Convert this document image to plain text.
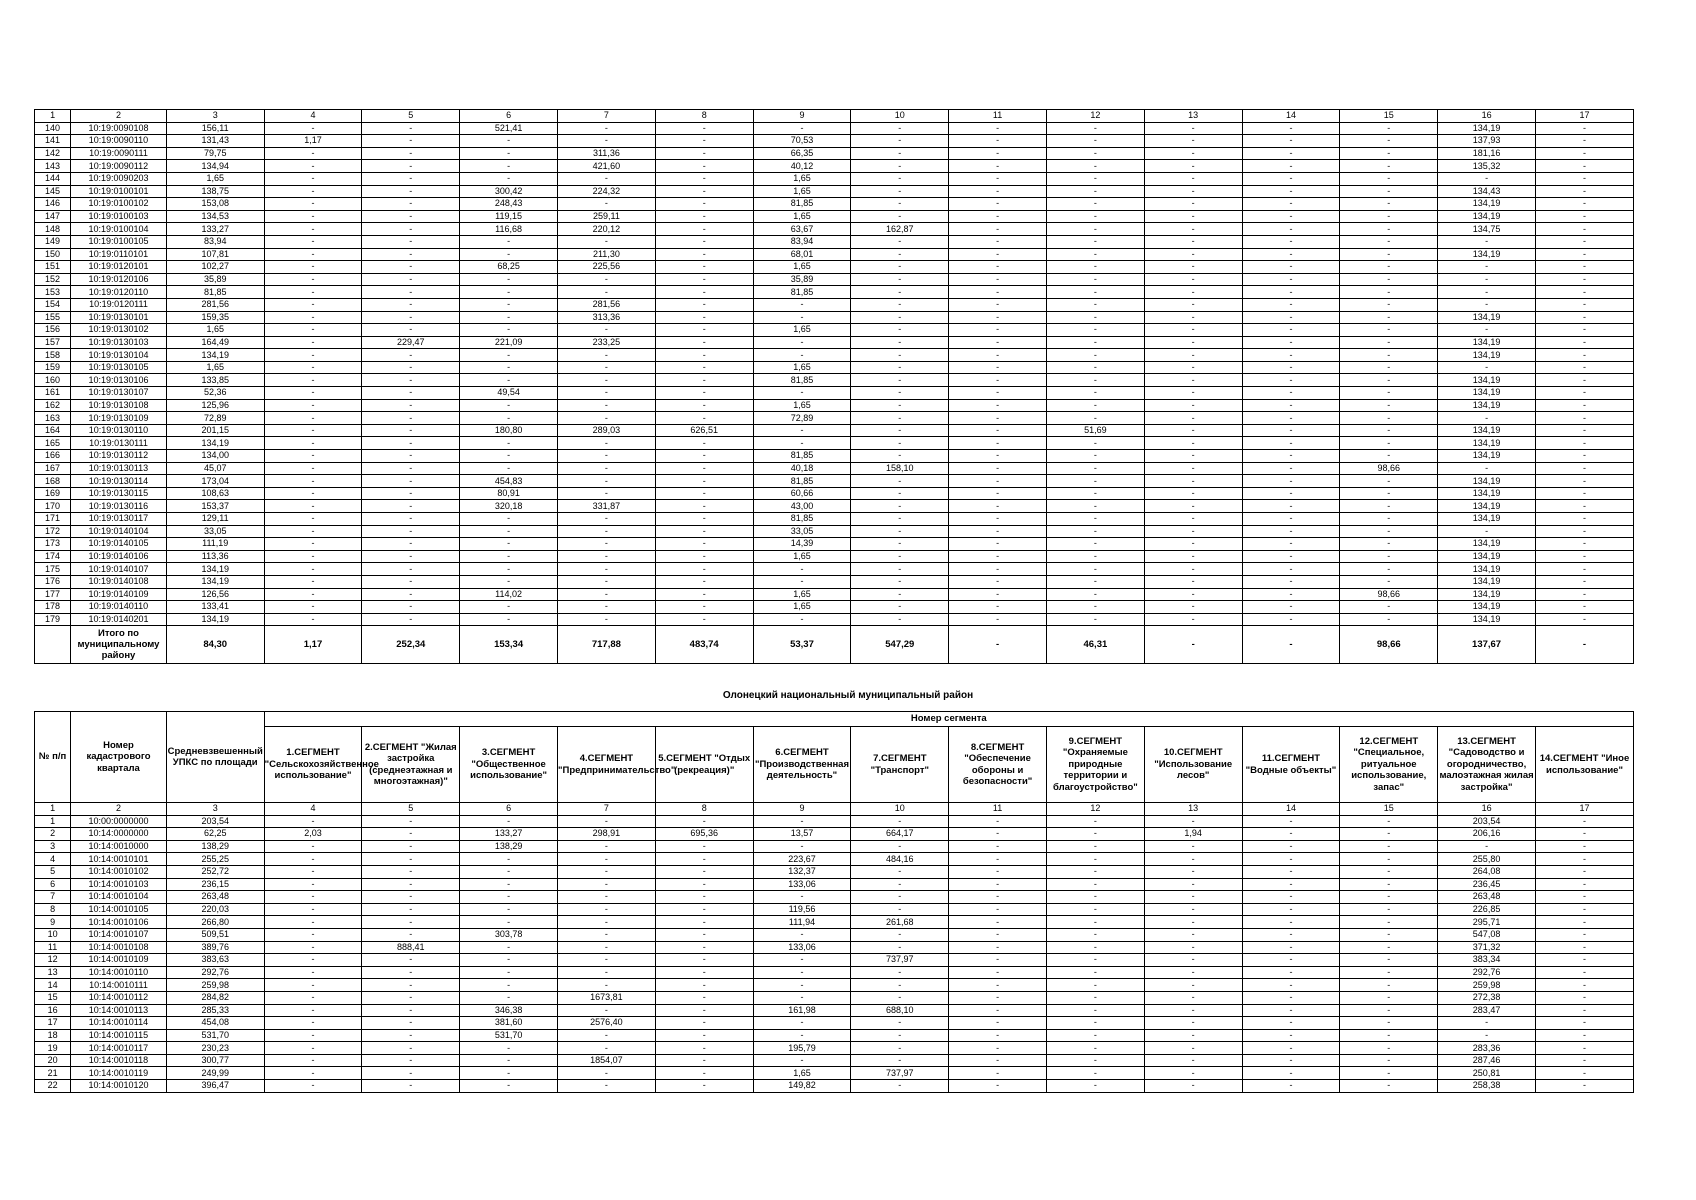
1	2	3	4	5	6	7	8	9	10	11	12	13	14	15	16	17
140	10:19:0090108	156,11	-	-	521,41	-	-	-	-	-	-	-	-	-	134,19	-
141	10:19:0090110	131,43	1,17	-	-	-	-	70,53	-	-	-	-	-	-	137,93	-
142	10:19:0090111	79,75	-	-	-	311,36	-	66,35	-	-	-	-	-	-	181,16	-
143	10:19:0090112	134,94	-	-	-	421,60	-	40,12	-	-	-	-	-	-	135,32	-
144	10:19:0090203	1,65	-	-	-	-	-	1,65	-	-	-	-	-	-	-	-
145	10:19:0100101	138,75	-	-	300,42	224,32	-	1,65	-	-	-	-	-	-	134,43	-
146	10:19:0100102	153,08	-	-	248,43	-	-	81,85	-	-	-	-	-	-	134,19	-
147	10:19:0100103	134,53	-	-	119,15	259,11	-	1,65	-	-	-	-	-	-	134,19	-
148	10:19:0100104	133,27	-	-	116,68	220,12	-	63,67	162,87	-	-	-	-	-	134,75	-
149	10:19:0100105	83,94	-	-	-	-	-	83,94	-	-	-	-	-	-	-	-
150	10:19:0110101	107,81	-	-	-	211,30	-	68,01	-	-	-	-	-	-	134,19	-
151	10:19:0120101	102,27	-	-	68,25	225,56	-	1,65	-	-	-	-	-	-	-	-
152	10:19:0120106	35,89	-	-	-	-	-	35,89	-	-	-	-	-	-	-	-
153	10:19:0120110	81,85	-	-	-	-	-	81,85	-	-	-	-	-	-	-	-
154	10:19:0120111	281,56	-	-	-	281,56	-	-	-	-	-	-	-	-	-	-
155	10:19:0130101	159,35	-	-	-	313,36	-	-	-	-	-	-	-	-	134,19	-
156	10:19:0130102	1,65	-	-	-	-	-	1,65	-	-	-	-	-	-	-	-
157	10:19:0130103	164,49	-	229,47	221,09	233,25	-	-	-	-	-	-	-	-	134,19	-
158	10:19:0130104	134,19	-	-	-	-	-	-	-	-	-	-	-	-	134,19	-
159	10:19:0130105	1,65	-	-	-	-	-	1,65	-	-	-	-	-	-	-	-
160	10:19:0130106	133,85	-	-	-	-	-	81,85	-	-	-	-	-	-	134,19	-
161	10:19:0130107	52,36	-	-	49,54	-	-	-	-	-	-	-	-	-	134,19	-
162	10:19:0130108	125,96	-	-	-	-	-	1,65	-	-	-	-	-	-	134,19	-
163	10:19:0130109	72,89	-	-	-	-	-	72,89	-	-	-	-	-	-	-	-
164	10:19:0130110	201,15	-	-	180,80	289,03	626,51	-	-	-	51,69	-	-	-	134,19	-
165	10:19:0130111	134,19	-	-	-	-	-	-	-	-	-	-	-	-	134,19	-
166	10:19:0130112	134,00	-	-	-	-	-	81,85	-	-	-	-	-	-	134,19	-
167	10:19:0130113	45,07	-	-	-	-	-	40,18	158,10	-	-	-	-	98,66	-	-
168	10:19:0130114	173,04	-	-	454,83	-	-	81,85	-	-	-	-	-	-	134,19	-
169	10:19:0130115	108,63	-	-	80,91	-	-	60,66	-	-	-	-	-	-	134,19	-
170	10:19:0130116	153,37	-	-	320,18	331,87	-	43,00	-	-	-	-	-	-	134,19	-
171	10:19:0130117	129,11	-	-	-	-	-	81,85	-	-	-	-	-	-	134,19	-
172	10:19:0140104	33,05	-	-	-	-	-	33,05	-	-	-	-	-	-	-	-
173	10:19:0140105	111,19	-	-	-	-	-	14,39	-	-	-	-	-	-	134,19	-
174	10:19:0140106	113,36	-	-	-	-	-	1,65	-	-	-	-	-	-	134,19	-
175	10:19:0140107	134,19	-	-	-	-	-	-	-	-	-	-	-	-	134,19	-
176	10:19:0140108	134,19	-	-	-	-	-	-	-	-	-	-	-	-	134,19	-
177	10:19:0140109	126,56	-	-	114,02	-	-	1,65	-	-	-	-	-	98,66	134,19	-
178	10:19:0140110	133,41	-	-	-	-	-	1,65	-	-	-	-	-	-	134,19	-
179	10:19:0140201	134,19	-	-	-	-	-	-	-	-	-	-	-	-	134,19	-
	Итого по муниципальному району	84,30	1,17	252,34	153,34	717,88	483,74	53,37	547,29	-	46,31	-	-	98,66	137,67	-
Олонецкий национальный муниципальный район
№ п/п	Номер кадастрового квартала	Средневзвешенный УПКС по площади	Номер сегмента													
			1.СЕГМЕНТ "Сельскохозяйственное использование"	2.СЕГМЕНТ "Жилая застройка (среднеэтажная и многоэтажная)"	3.СЕГМЕНТ "Общественное использование"	4.СЕГМЕНТ "Предпринимательство"	5.СЕГМЕНТ "Отдых (рекреация)"	6.СЕГМЕНТ "Производственная деятельность"	7.СЕГМЕНТ "Транспорт"	8.СЕГМЕНТ "Обеспечение обороны и безопасности"	9.СЕГМЕНТ "Охраняемые природные территории и благоустройство"	10.СЕГМЕНТ "Использование лесов"	11.СЕГМЕНТ "Водные объекты"	12.СЕГМЕНТ "Специальное, ритуальное использование, запас"	13.СЕГМЕНТ "Садоводство и огородничество, малоэтажная жилая застройка"	14.СЕГМЕНТ "Иное использование"
1	2	3	4	5	6	7	8	9	10	11	12	13	14	15	16	17
1	10:00:0000000	203,54	-	-	-	-	-	-	-	-	-	-	-	-	203,54	-
2	10:14:0000000	62,25	2,03	-	133,27	298,91	695,36	13,57	664,17	-	-	1,94	-	-	206,16	-
3	10:14:0010000	138,29	-	-	138,29	-	-	-	-	-	-	-	-	-	-	-
4	10:14:0010101	255,25	-	-	-	-	-	223,67	484,16	-	-	-	-	-	255,80	-
5	10:14:0010102	252,72	-	-	-	-	-	132,37	-	-	-	-	-	-	264,08	-
6	10:14:0010103	236,15	-	-	-	-	-	133,06	-	-	-	-	-	-	236,45	-
7	10:14:0010104	263,48	-	-	-	-	-	-	-	-	-	-	-	-	263,48	-
8	10:14:0010105	220,03	-	-	-	-	-	119,56	-	-	-	-	-	-	226,85	-
9	10:14:0010106	266,80	-	-	-	-	-	111,94	261,68	-	-	-	-	-	295,71	-
10	10:14:0010107	509,51	-	-	303,78	-	-	-	-	-	-	-	-	-	547,08	-
11	10:14:0010108	389,76	-	888,41	-	-	-	133,06	-	-	-	-	-	-	371,32	-
12	10:14:0010109	383,63	-	-	-	-	-	-	737,97	-	-	-	-	-	383,34	-
13	10:14:0010110	292,76	-	-	-	-	-	-	-	-	-	-	-	-	292,76	-
14	10:14:0010111	259,98	-	-	-	-	-	-	-	-	-	-	-	-	259,98	-
15	10:14:0010112	284,82	-	-	-	1673,81	-	-	-	-	-	-	-	-	272,38	-
16	10:14:0010113	285,33	-	-	346,38	-	-	161,98	688,10	-	-	-	-	-	283,47	-
17	10:14:0010114	454,08	-	-	381,60	2576,40	-	-	-	-	-	-	-	-	-	-
18	10:14:0010115	531,70	-	-	531,70	-	-	-	-	-	-	-	-	-	-	-
19	10:14:0010117	230,23	-	-	-	-	-	195,79	-	-	-	-	-	-	283,36	-
20	10:14:0010118	300,77	-	-	-	1854,07	-	-	-	-	-	-	-	-	287,46	-
21	10:14:0010119	249,99	-	-	-	-	-	1,65	737,97	-	-	-	-	-	250,81	-
22	10:14:0010120	396,47	-	-	-	-	-	149,82	-	-	-	-	-	-	258,38	-
